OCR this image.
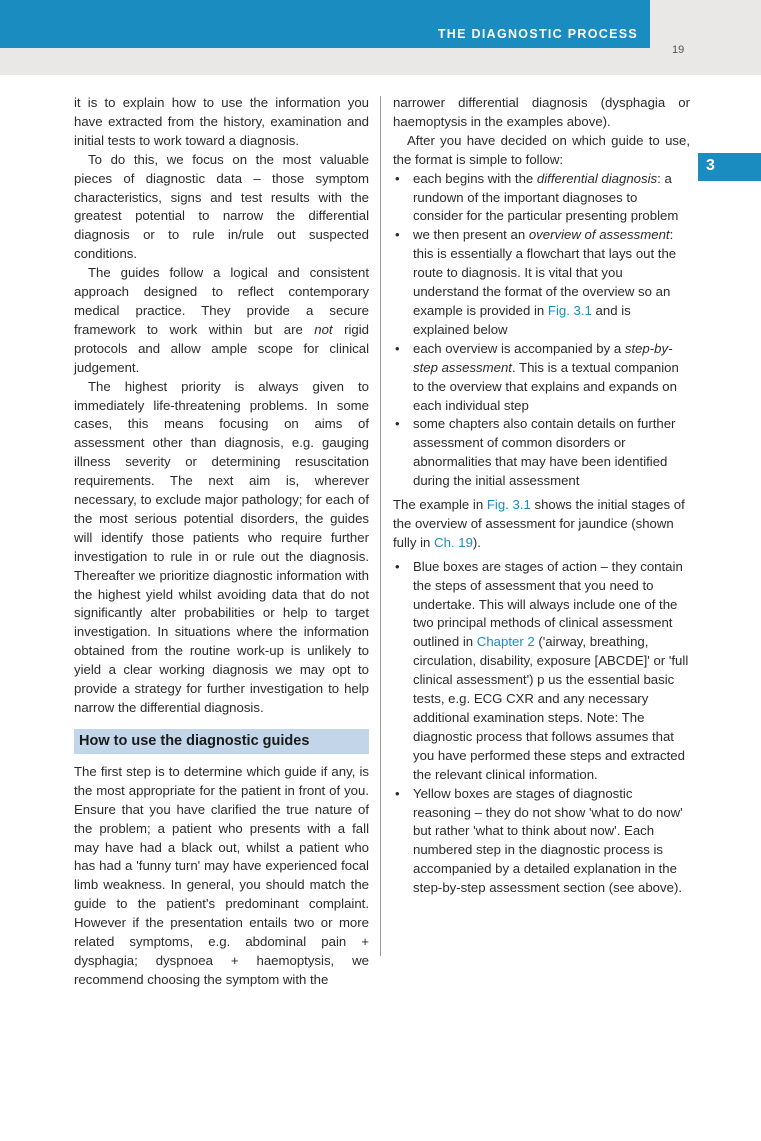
THE DIAGNOSTIC PROCESS
19
3

it is to explain how to use the information you have extracted from the history, examination and initial tests to work toward a diagnosis.

To do this, we focus on the most valuable pieces of diagnostic data – those symptom characteristics, signs and test results with the greatest potential to narrow the differential diagnosis or to rule in/rule out suspected conditions.

The guides follow a logical and consistent approach designed to reflect contemporary medical practice. They provide a secure framework to work within but are not rigid protocols and allow ample scope for clinical judgement.

The highest priority is always given to immediately life-threatening problems. In some cases, this means focusing on aims of assessment other than diagnosis, e.g. gauging illness severity or determining resuscitation requirements. The next aim is, wherever necessary, to exclude major pathology; for each of the most serious potential disorders, the guides will identify those patients who require further investigation to rule in or rule out the diagnosis. Thereafter we prioritize diagnostic information with the highest yield whilst avoiding data that do not significantly alter probabilities or help to target investigation. In situations where the information obtained from the routine work-up is unlikely to yield a clear working diagnosis we may opt to provide a strategy for further investigation to help narrow the differential diagnosis.

How to use the diagnostic guides

The first step is to determine which guide if any, is the most appropriate for the patient in front of you. Ensure that you have clarified the true nature of the problem; a patient who presents with a fall may have had a black out, whilst a patient who has had a 'funny turn' may have experienced focal limb weakness. In general, you should match the guide to the patient's predominant complaint. However if the presentation entails two or more related symptoms, e.g. abdominal pain + dysphagia; dyspnoea + haemoptysis, we recommend choosing the symptom with the

narrower differential diagnosis (dysphagia or haemoptysis in the examples above).

After you have decided on which guide to use, the format is simple to follow:

• each begins with the differential diagnosis: a rundown of the important diagnoses to consider for the particular presenting problem
• we then present an overview of assessment: this is essentially a flowchart that lays out the route to diagnosis. It is vital that you understand the format of the overview so an example is provided in Fig. 3.1 and is explained below
• each overview is accompanied by a step-by-step assessment. This is a textual companion to the overview that explains and expands on each individual step
• some chapters also contain details on further assessment of common disorders or abnormalities that may have been identified during the initial assessment

The example in Fig. 3.1 shows the initial stages of the overview of assessment for jaundice (shown fully in Ch. 19).

• Blue boxes are stages of action – they contain the steps of assessment that you need to undertake. This will always include one of the two principal methods of clinical assessment outlined in Chapter 2 ('airway, breathing, circulation, disability, exposure [ABCDE]' or 'full clinical assessment') p us the essential basic tests, e.g. ECG CXR and any necessary additional examination steps. Note: The diagnostic process that follows assumes that you have performed these steps and extracted the relevant clinical information.
• Yellow boxes are stages of diagnostic reasoning – they do not show 'what to do now' but rather 'what to think about now'. Each numbered step in the diagnostic process is accompanied by a detailed explanation in the step-by-step assessment section (see above).
